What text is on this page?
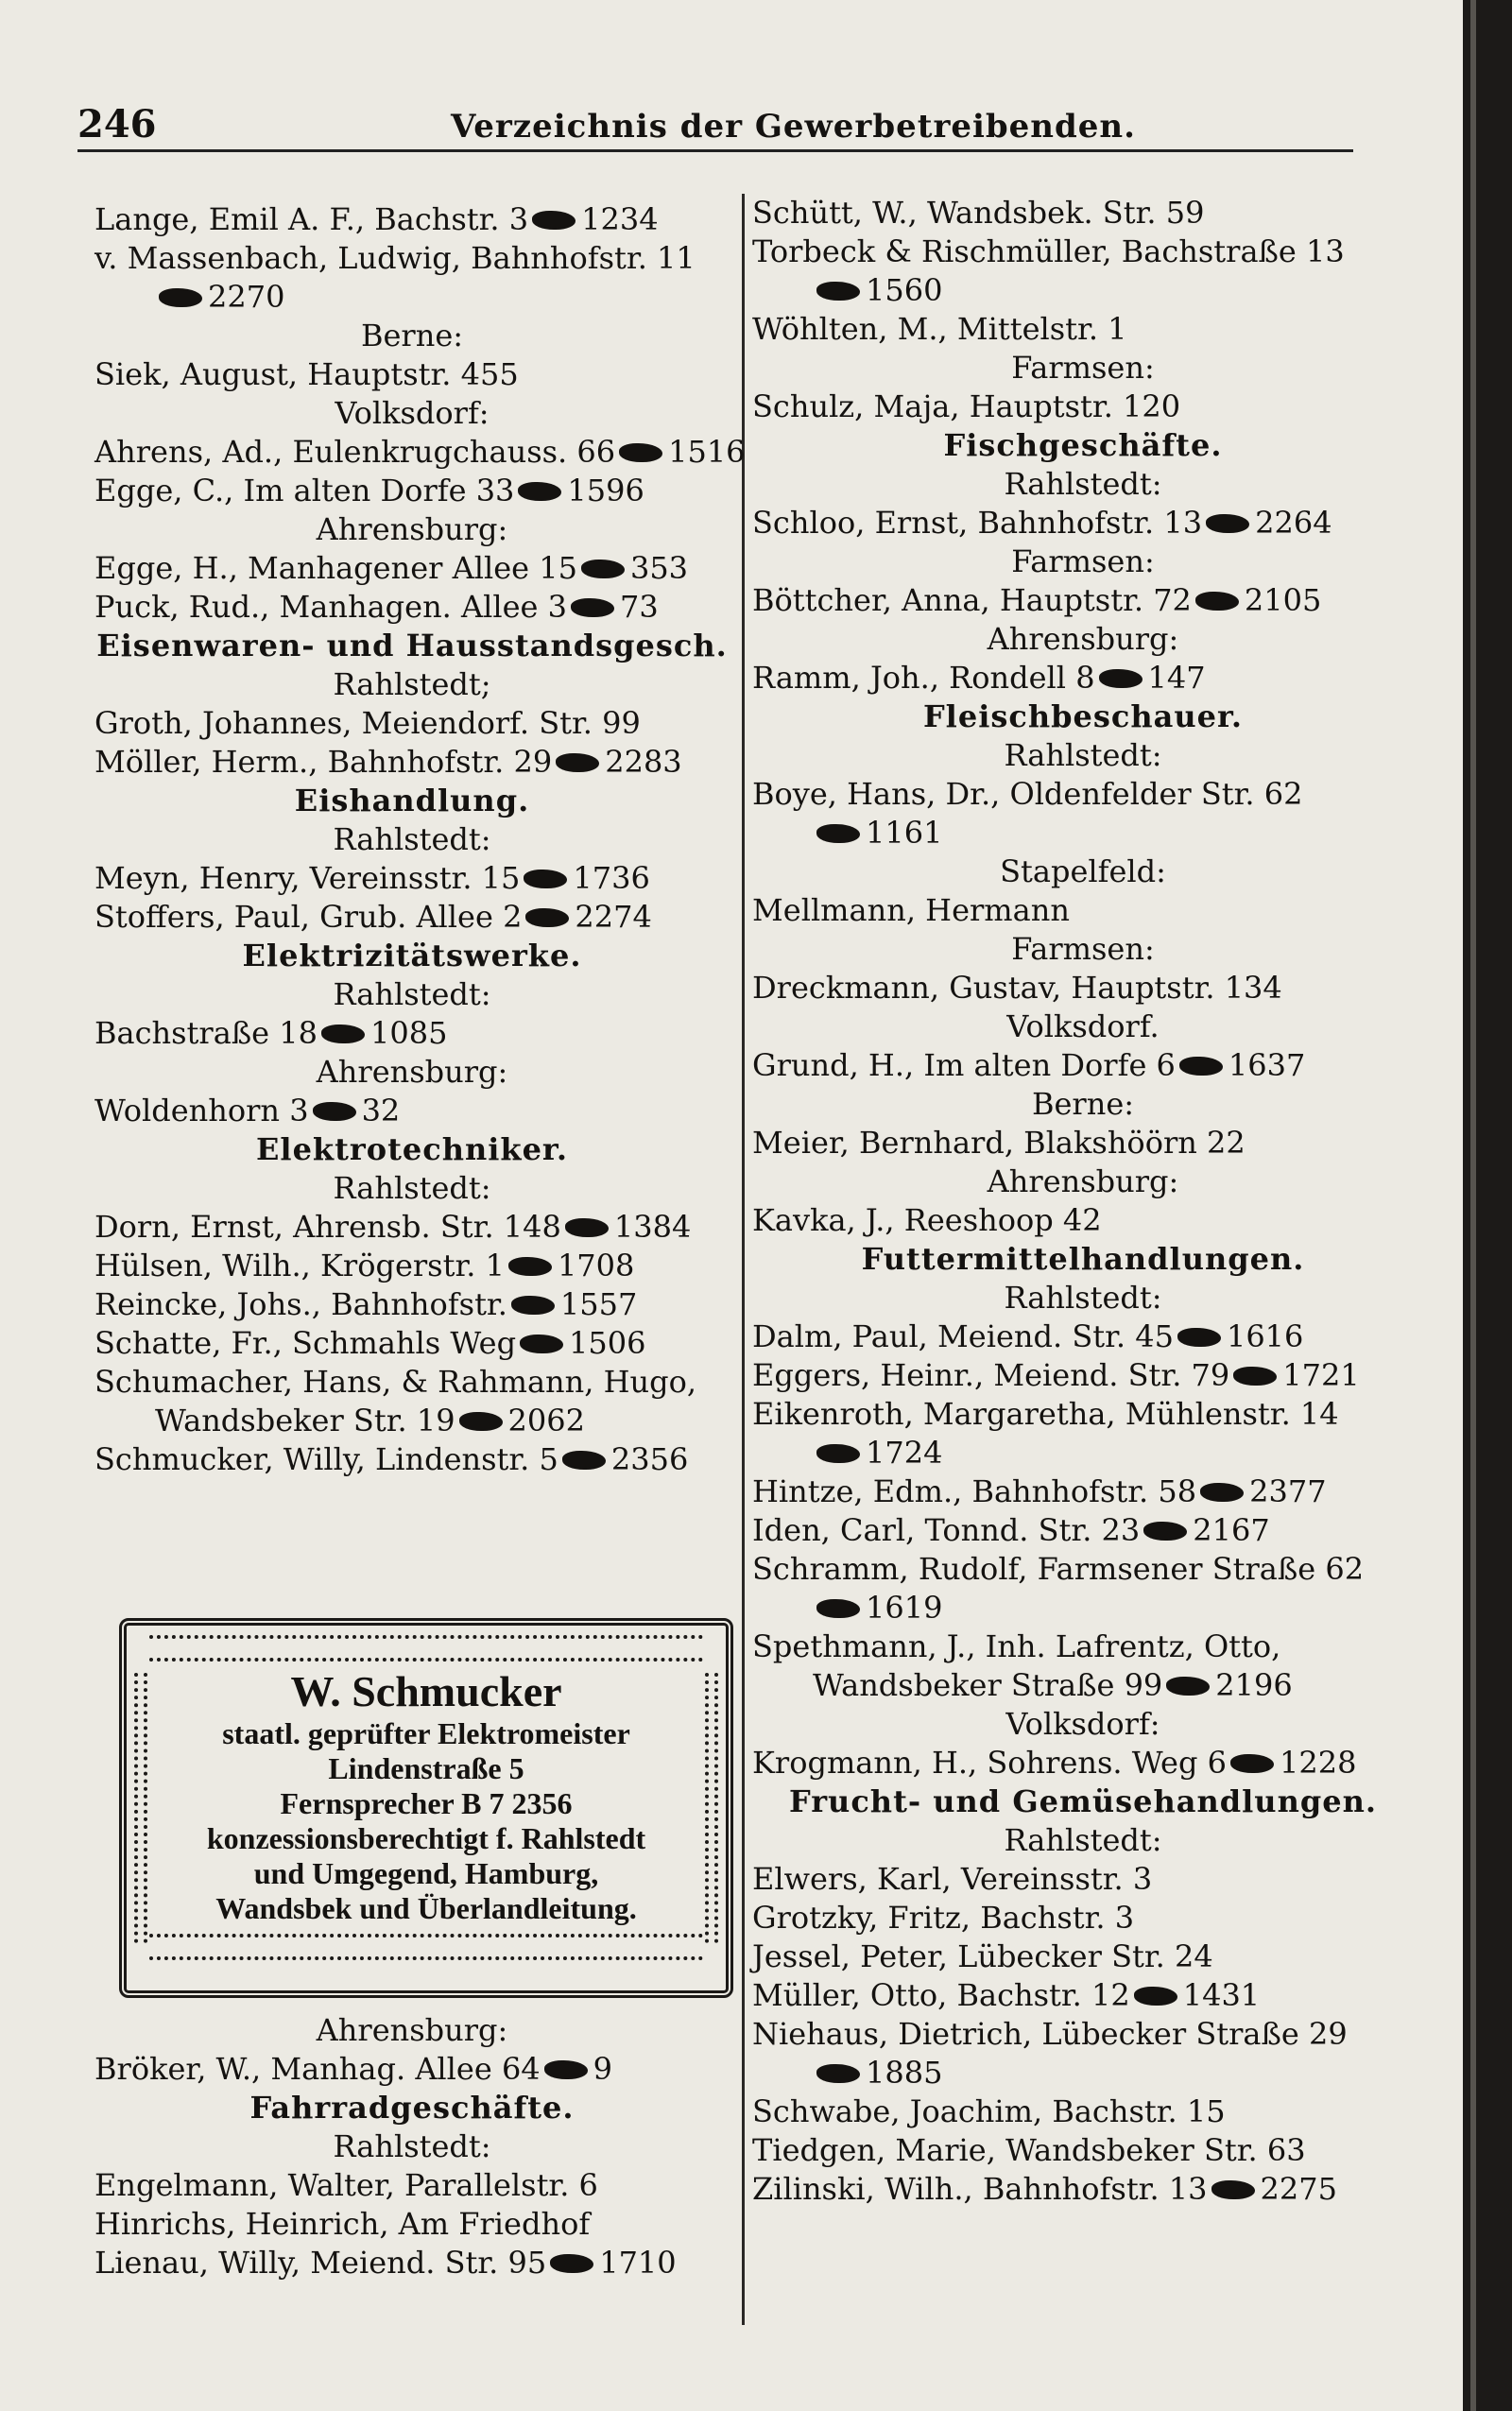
246	Verzeichnis der Gewerbetreibenden.
Lange, Emil A. F., Bachstr. 3 1234
v. Massenbach, Ludwig, Bahnhofstr. 11
2270
Berne:
Siek, August, Hauptstr. 455
Volksdorf:
Ahrens, Ad., Eulenkrugchauss. 66 1516
Egge, C., Im alten Dorfe 33 1596
Ahrensburg:
Egge, H., Manhagener Allee 15 353
Puck, Rud., Manhagen. Allee 3 73
Eisenwaren- und Hausstandsgesch.
Rahlstedt;
Groth, Johannes, Meiendorf. Str. 99
Möller, Herm., Bahnhofstr. 29 2283
Eishandlung.
Rahlstedt:
Meyn, Henry, Vereinsstr. 15 1736
Stoffers, Paul, Grub. Allee 2 2274
Elektrizitätswerke.
Rahlstedt:
Bachstraße 18 1085
Ahrensburg:
Woldenhorn 3 32
Elektrotechniker.
Rahlstedt:
Dorn, Ernst, Ahrensb. Str. 148 1384
Hülsen, Wilh., Krögerstr. 1 1708
Reincke, Johs., Bahnhofstr. 1557
Schatte, Fr., Schmahls Weg 1506
Schumacher, Hans, & Rahmann, Hugo,
Wandsbeker Str. 19 2062
Schmucker, Willy, Lindenstr. 5 2356
W. Schmucker
staatl. geprüfter Elektromeister
Lindenstraße 5
Fernsprecher B 7 2356
konzessionsberechtigt f. Rahlstedt
und Umgegend, Hamburg,
Wandsbek und Überlandleitung.
Ahrensburg:
Bröker, W., Manhag. Allee 64 9
Fahrradgeschäfte.
Rahlstedt:
Engelmann, Walter, Parallelstr. 6
Hinrichs, Heinrich, Am Friedhof
Lienau, Willy, Meiend. Str. 95 1710
Schütt, W., Wandsbek. Str. 59
Torbeck & Rischmüller, Bachstraße 13
1560
Wöhlten, M., Mittelstr. 1
Farmsen:
Schulz, Maja, Hauptstr. 120
Fischgeschäfte.
Rahlstedt:
Schloo, Ernst, Bahnhofstr. 13 2264
Farmsen:
Böttcher, Anna, Hauptstr. 72 2105
Ahrensburg:
Ramm, Joh., Rondell 8 147
Fleischbeschauer.
Rahlstedt:
Boye, Hans, Dr., Oldenfelder Str. 62
1161
Stapelfeld:
Mellmann, Hermann
Farmsen:
Dreckmann, Gustav, Hauptstr. 134
Volksdorf.
Grund, H., Im alten Dorfe 6 1637
Berne:
Meier, Bernhard, Blakshöörn 22
Ahrensburg:
Kavka, J., Reeshoop 42
Futtermittelhandlungen.
Rahlstedt:
Dalm, Paul, Meiend. Str. 45 1616
Eggers, Heinr., Meiend. Str. 79 1721
Eikenroth, Margaretha, Mühlenstr. 14
1724
Hintze, Edm., Bahnhofstr. 58 2377
Iden, Carl, Tonnd. Str. 23 2167
Schramm, Rudolf, Farmsener Straße 62
1619
Spethmann, J., Inh. Lafrentz, Otto,
Wandsbeker Straße 99 2196
Volksdorf:
Krogmann, H., Sohrens. Weg 6 1228
Frucht- und Gemüsehandlungen.
Rahlstedt:
Elwers, Karl, Vereinsstr. 3
Grotzky, Fritz, Bachstr. 3
Jessel, Peter, Lübecker Str. 24
Müller, Otto, Bachstr. 12 1431
Niehaus, Dietrich, Lübecker Straße 29
1885
Schwabe, Joachim, Bachstr. 15
Tiedgen, Marie, Wandsbeker Str. 63
Zilinski, Wilh., Bahnhofstr. 13 2275
